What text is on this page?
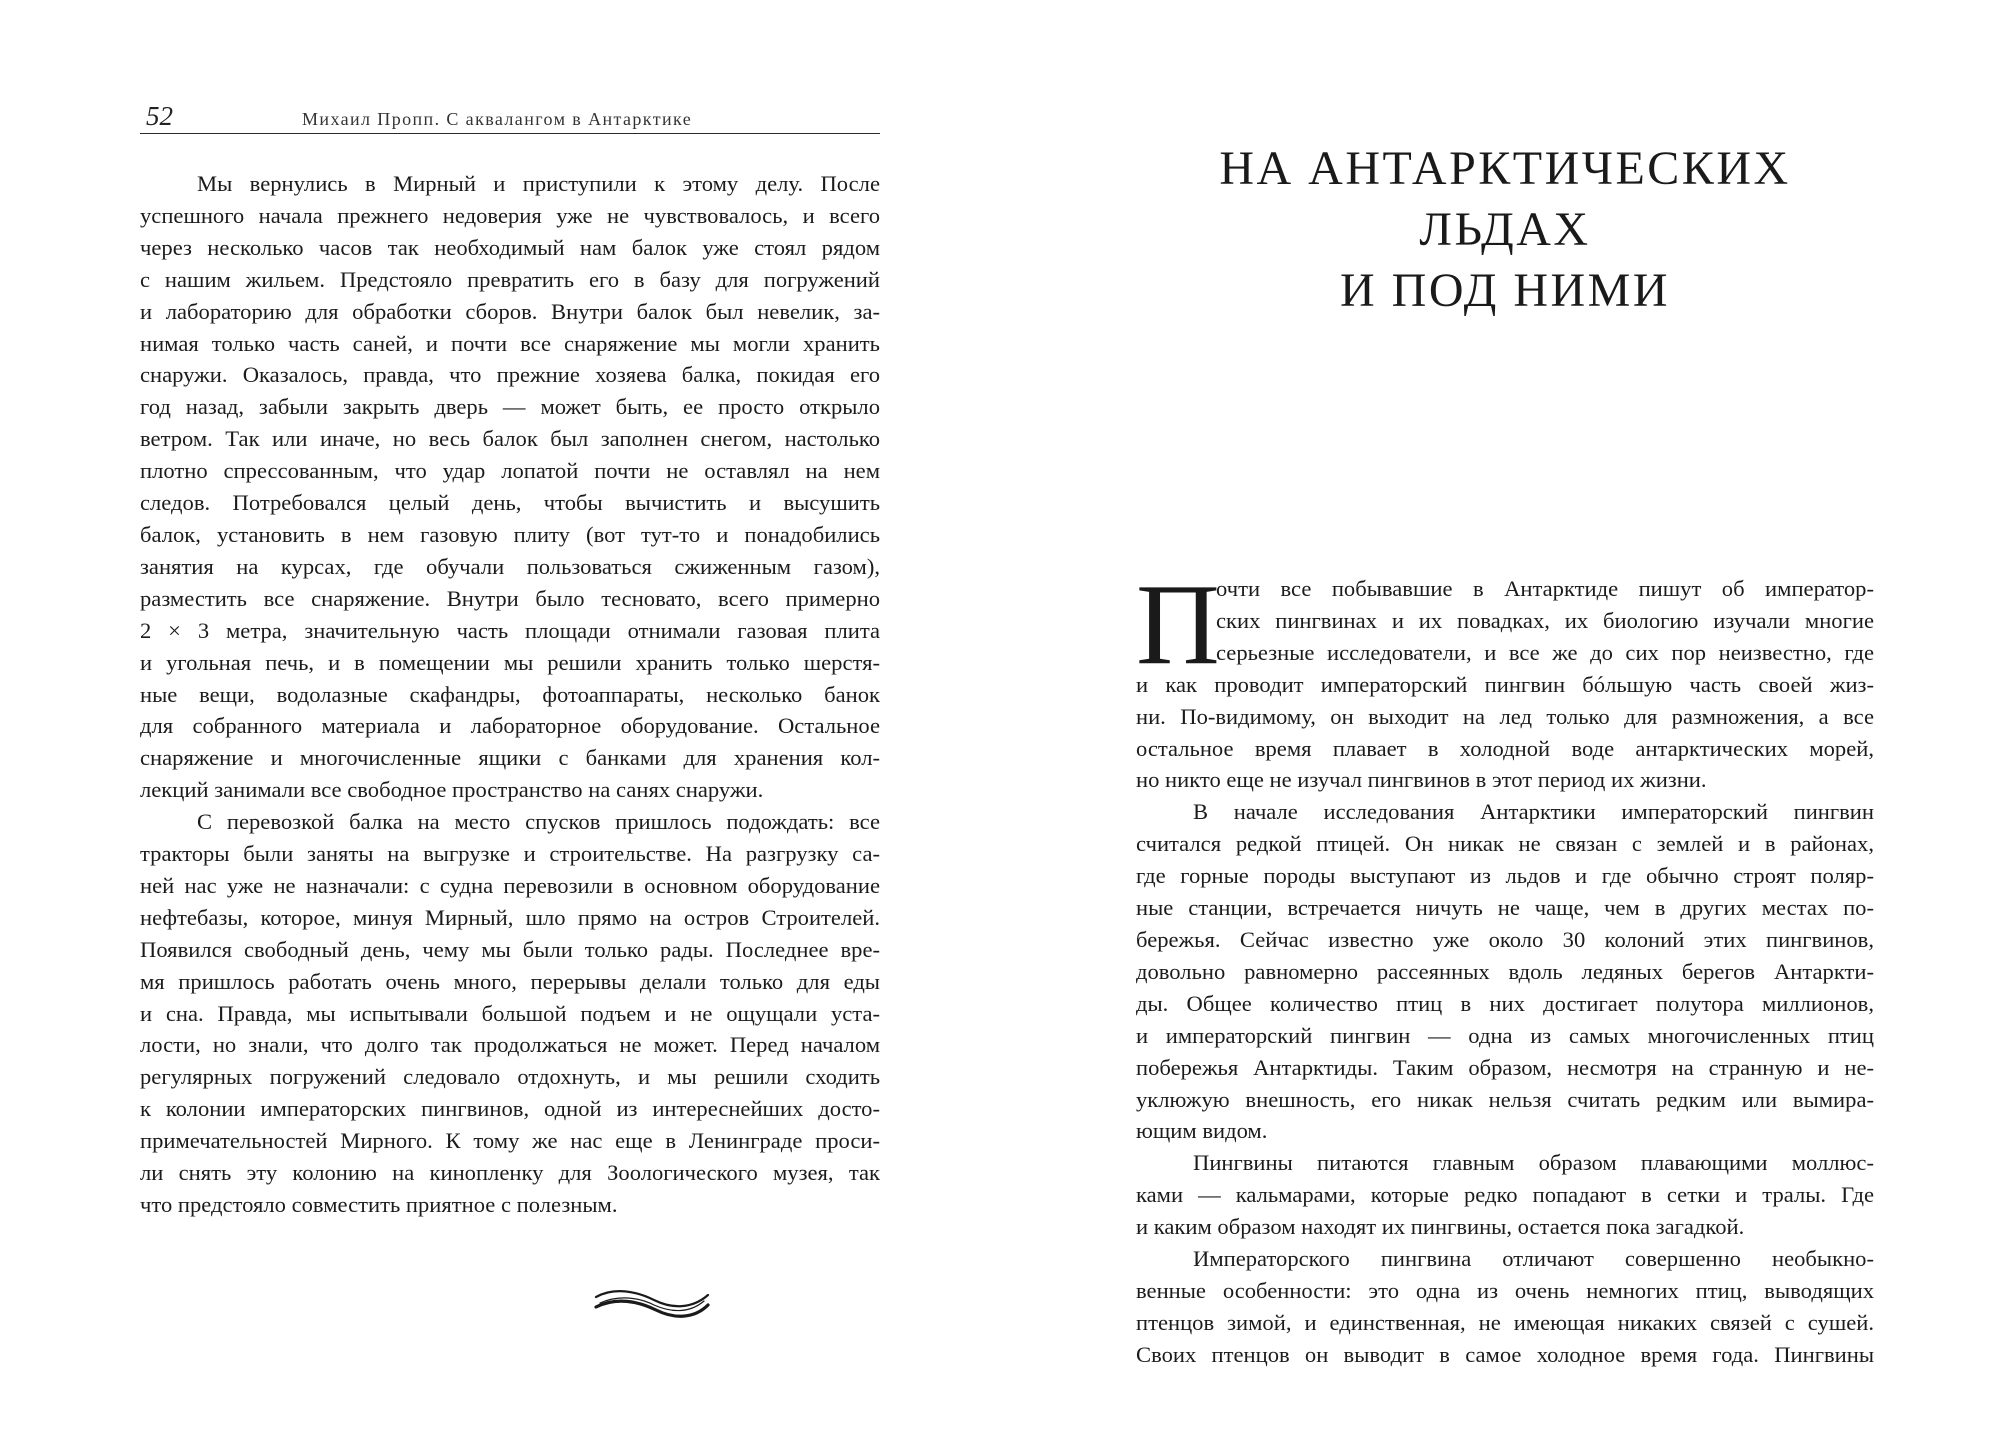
52	Михаил Пропп. С аквалангом в Антарктике

Мы вернулись в Мирный и приступили к этому делу. После

успешного начала прежнего недоверия уже не чувствовалось, и всего

через несколько часов так необходимый нам балок уже стоял рядом

с нашим жильем. Предстояло превратить его в базу для погружений

и лабораторию для обработки сборов. Внутри балок был невелик, за-

нимая только часть саней, и почти все снаряжение мы могли хранить

снаружи. Оказалось, правда, что прежние хозяева балка, покидая его

год назад, забыли закрыть дверь — может быть, ее просто открыло

ветром. Так или иначе, но весь балок был заполнен снегом, настолько

плотно спрессованным, что удар лопатой почти не оставлял на нем

следов. Потребовался целый день, чтобы вычистить и высушить

балок, установить в нем газовую плиту (вот тут-то и понадобились

занятия на курсах, где обучали пользоваться сжиженным газом),

разместить все снаряжение. Внутри было тесновато, всего примерно

2 × 3 метра, значительную часть площади отнимали газовая плита

и угольная печь, и в помещении мы решили хранить только шерстя-

ные вещи, водолазные скафандры, фотоаппараты, несколько банок

для собранного материала и лабораторное оборудование. Остальное

снаряжение и многочисленные ящики с банками для хранения кол-

лекций занимали все свободное пространство на санях снаружи.

С перевозкой балка на место спусков пришлось подождать: все

тракторы были заняты на выгрузке и строительстве. На разгрузку са-

ней нас уже не назначали: с судна перевозили в основном оборудование

нефтебазы, которое, минуя Мирный, шло прямо на остров Строителей.

Появился свободный день, чему мы были только рады. Последнее вре-

мя пришлось работать очень много, перерывы делали только для еды

и сна. Правда, мы испытывали большой подъем и не ощущали уста-

лости, но знали, что долго так продолжаться не может. Перед началом

регулярных погружений следовало отдохнуть, и мы решили сходить

к колонии императорских пингвинов, одной из интереснейших досто-

примечательностей Мирного. К тому же нас еще в Ленинграде проси-

ли снять эту колонию на кинопленку для Зоологического музея, так

что предстояло совместить приятное с полезным.

НА АНТАРКТИЧЕСКИХ ЛЬДАХ
И ПОД НИМИ
П

очти все побывавшие в Антарктиде пишут об император-

ских пингвинах и их повадках, их биологию изучали многие

серьезные исследователи, и все же до сих пор неизвестно, где

и как проводит императорский пингвин бóльшую часть своей жиз-

ни. По-видимому, он выходит на лед только для размножения, а все

остальное время плавает в холодной воде антарктических морей,

но никто еще не изучал пингвинов в этот период их жизни.

В начале исследования Антарктики императорский пингвин

считался редкой птицей. Он никак не связан с землей и в районах,

где горные породы выступают из льдов и где обычно строят поляр-

ные станции, встречается ничуть не чаще, чем в других местах по-

бережья. Сейчас известно уже около 30 колоний этих пингвинов,

довольно равномерно рассеянных вдоль ледяных берегов Антаркти-

ды. Общее количество птиц в них достигает полутора миллионов,

и императорский пингвин — одна из самых многочисленных птиц

побережья Антарктиды. Таким образом, несмотря на странную и не-

уклюжую внешность, его никак нельзя считать редким или вымира-

ющим видом.

Пингвины питаются главным образом плавающими моллюс-

ками — кальмарами, которые редко попадают в сетки и тралы. Где

и каким образом находят их пингвины, остается пока загадкой.

Императорского пингвина отличают совершенно необыкно-

венные особенности: это одна из очень немногих птиц, выводящих

птенцов зимой, и единственная, не имеющая никаких связей с сушей.

Своих птенцов он выводит в самое холодное время года. Пингвины
